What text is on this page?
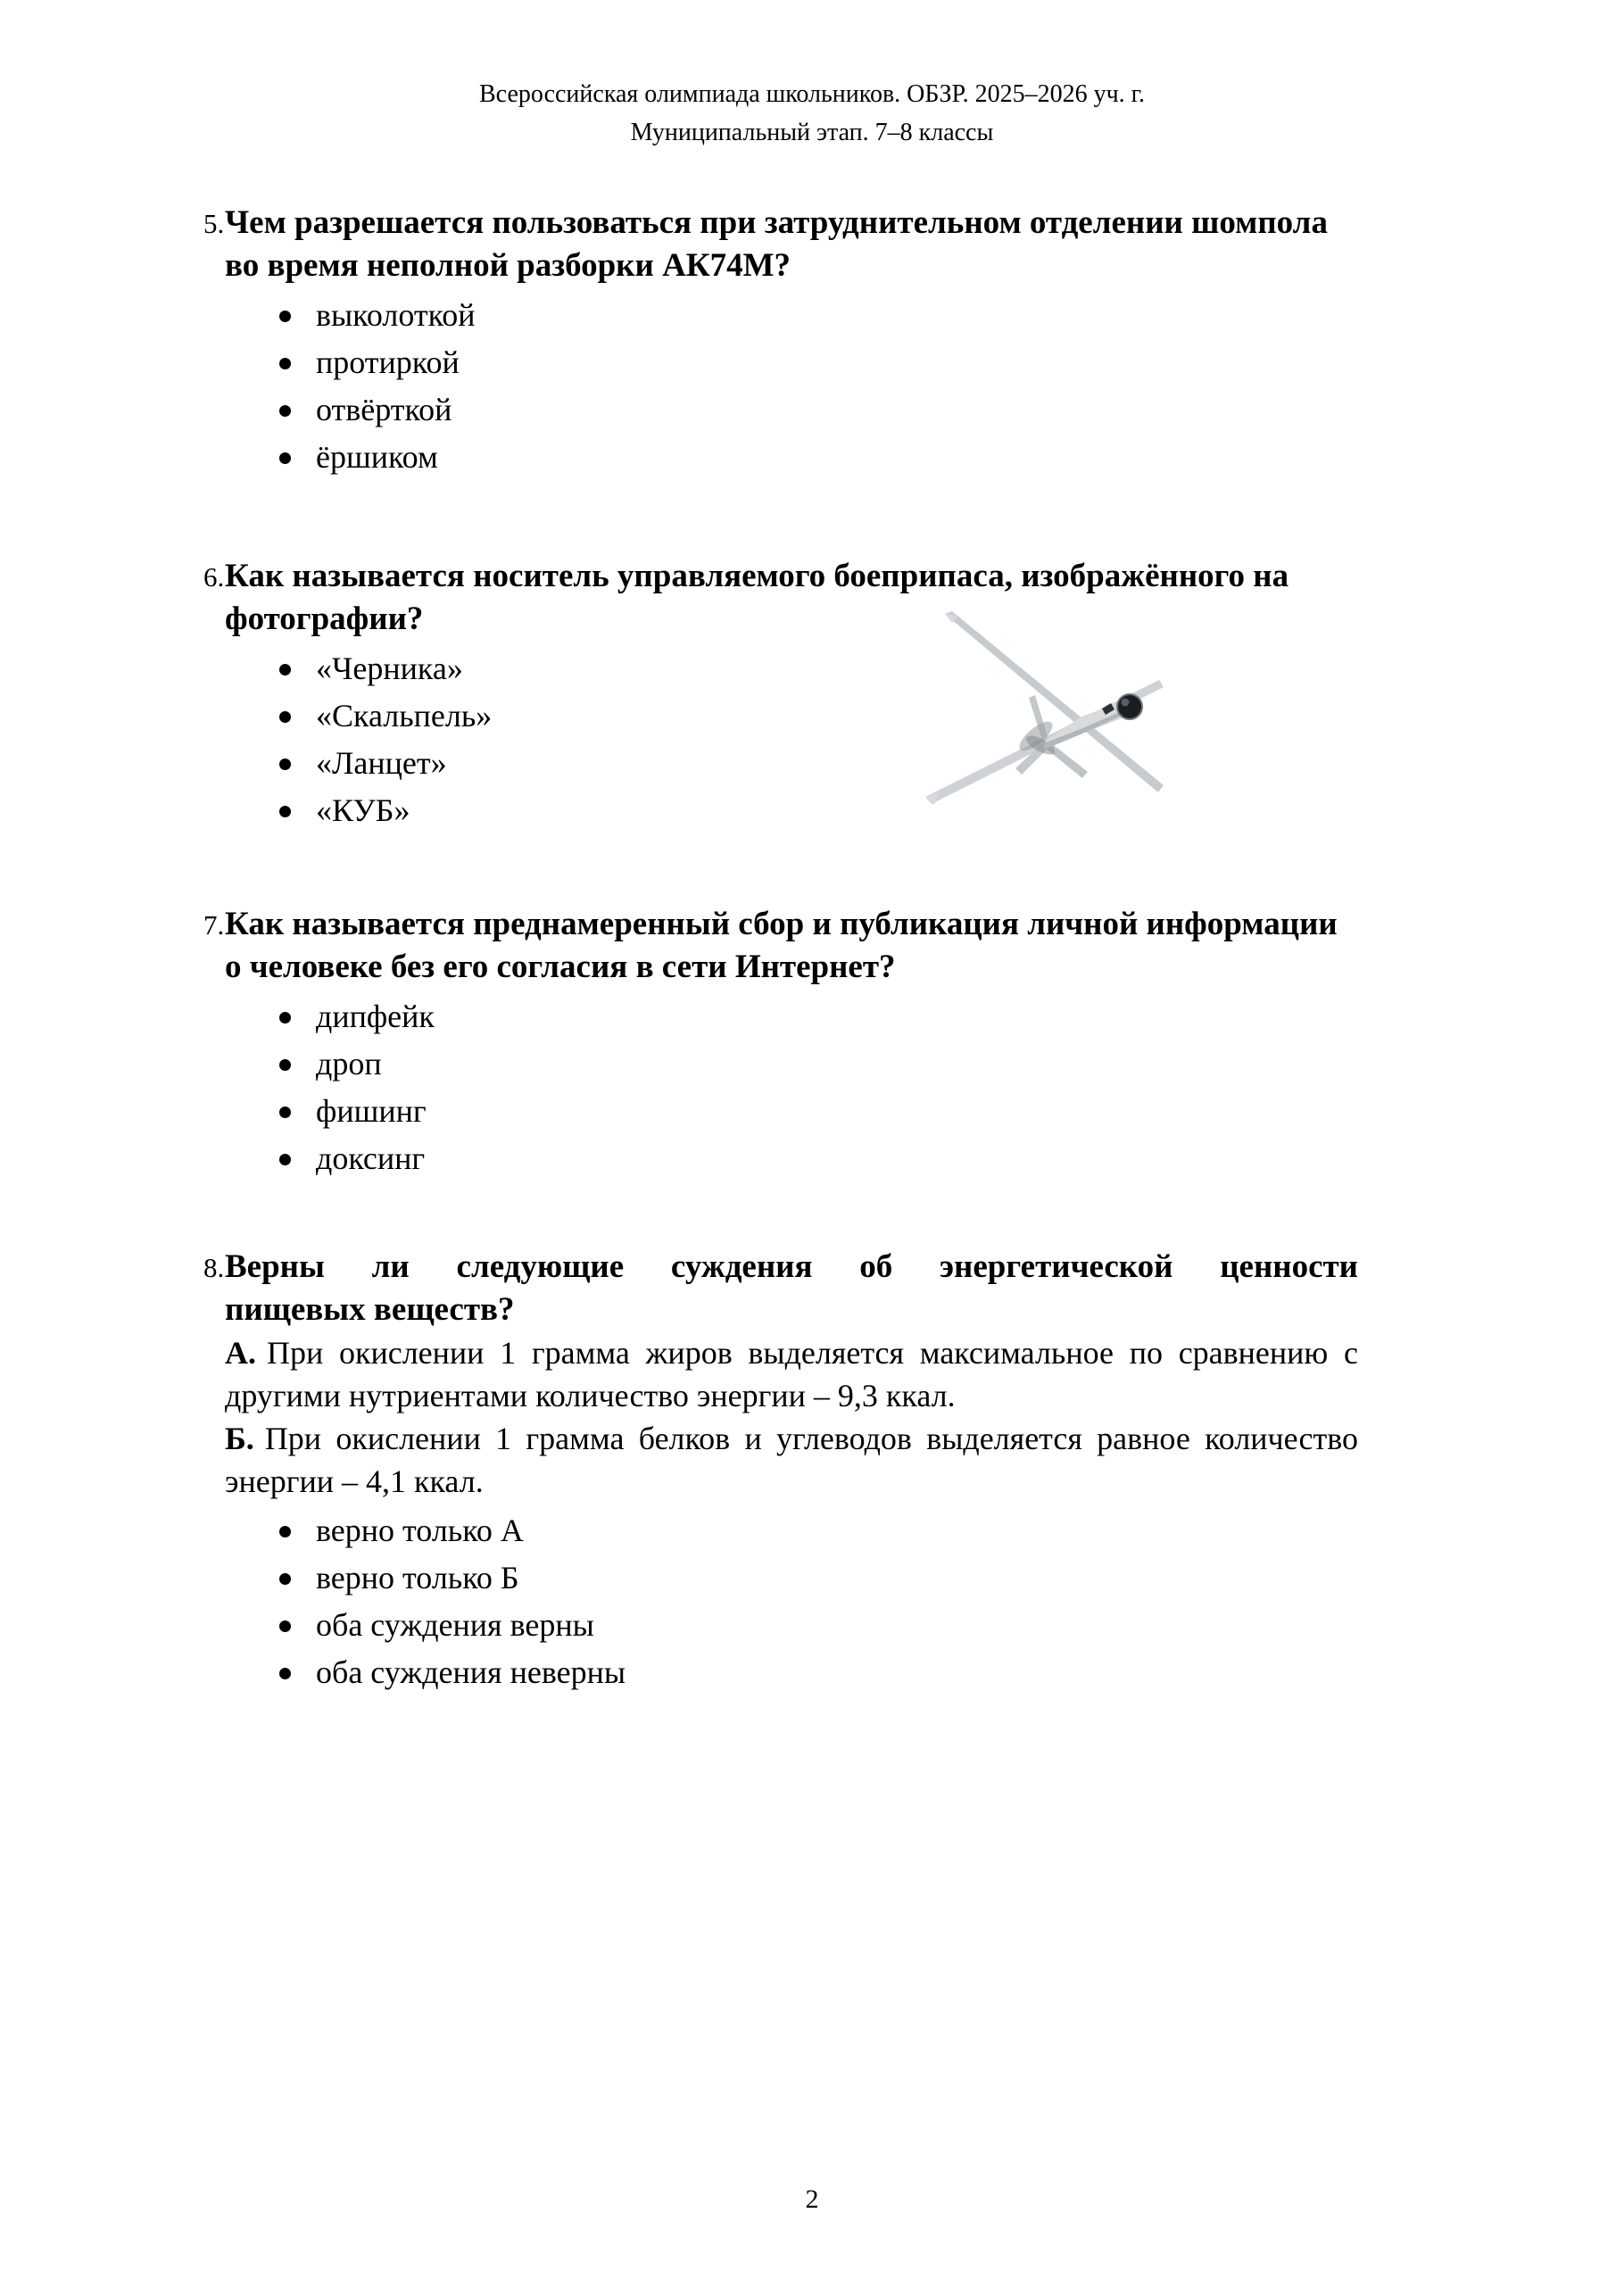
Всероссийская олимпиада школьников. ОБЗР. 2025–2026 уч. г.
Муниципальный этап. 7–8 классы
5. Чем разрешается пользоваться при затруднительном отделении шомпола во время неполной разборки АК74М?

выколоткой
протиркой
отвёрткой
ёршиком
6. Как называется носитель управляемого боеприпаса, изображённого на фотографии?

«Черника»
«Скальпель»
«Ланцет»
«КУБ»
7. Как называется преднамеренный сбор и публикация личной информации о человеке без его согласия в сети Интернет?

дипфейк
дроп
фишинг
доксинг
8. Верны ли следующие суждения об энергетической ценности пищевых веществ?

А. При окислении 1 грамма жиров выделяется максимальное по сравнению с другими нутриентами количество энергии – 9,3 ккал.

Б. При окислении 1 грамма белков и углеводов выделяется равное количество энергии – 4,1 ккал.

верно только А
верно только Б
оба суждения верны
оба суждения неверны
2
